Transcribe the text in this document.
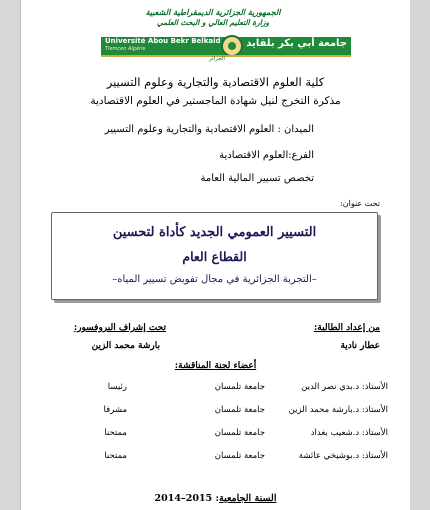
الجمهورية الجزائرية الديمقراطية الشعبية
وزارة التعليم العالي و البحث العلمي
Université Abou Bekr Belkaid
Tlemcen Algérie	جامعة أبي بكر بلقايد
الجزائر
كلية العلوم الاقتصادية والتجارية وعلوم التسيير
مذكرة التخرج لنيل شهادة الماجستير في العلوم الاقتصادية
الميدان : العلوم الاقتصادية والتجارية وعلوم التسيير
الفرع:العلوم الاقتصادية
تخصص تسيير المالية العامة
تحت عنوان:
التسيير العمومي الجديد كأداة لتحسين
القطاع العام
–التجربة الجزائرية في مجال تفويض تسيير المياه–
من إعداد الطالبة:
عطار نادية
تحت إشراف البروفسور:
بارشة محمد الزين
أعضاء لجنة المناقشة:
الأستاذ: د.بدي نصر الدين
جامعة تلمسان
رئيسا
الأستاذ: د.بارشة محمد الزين
جامعة تلمسان
مشرفا
الأستاذ: د.شعيب بغداد
جامعة تلمسان
ممتحنا
الأستاذ: د.بوشيخي عائشة
جامعة تلمسان
ممتحنا
السنة الجامعية: 2015–2014
